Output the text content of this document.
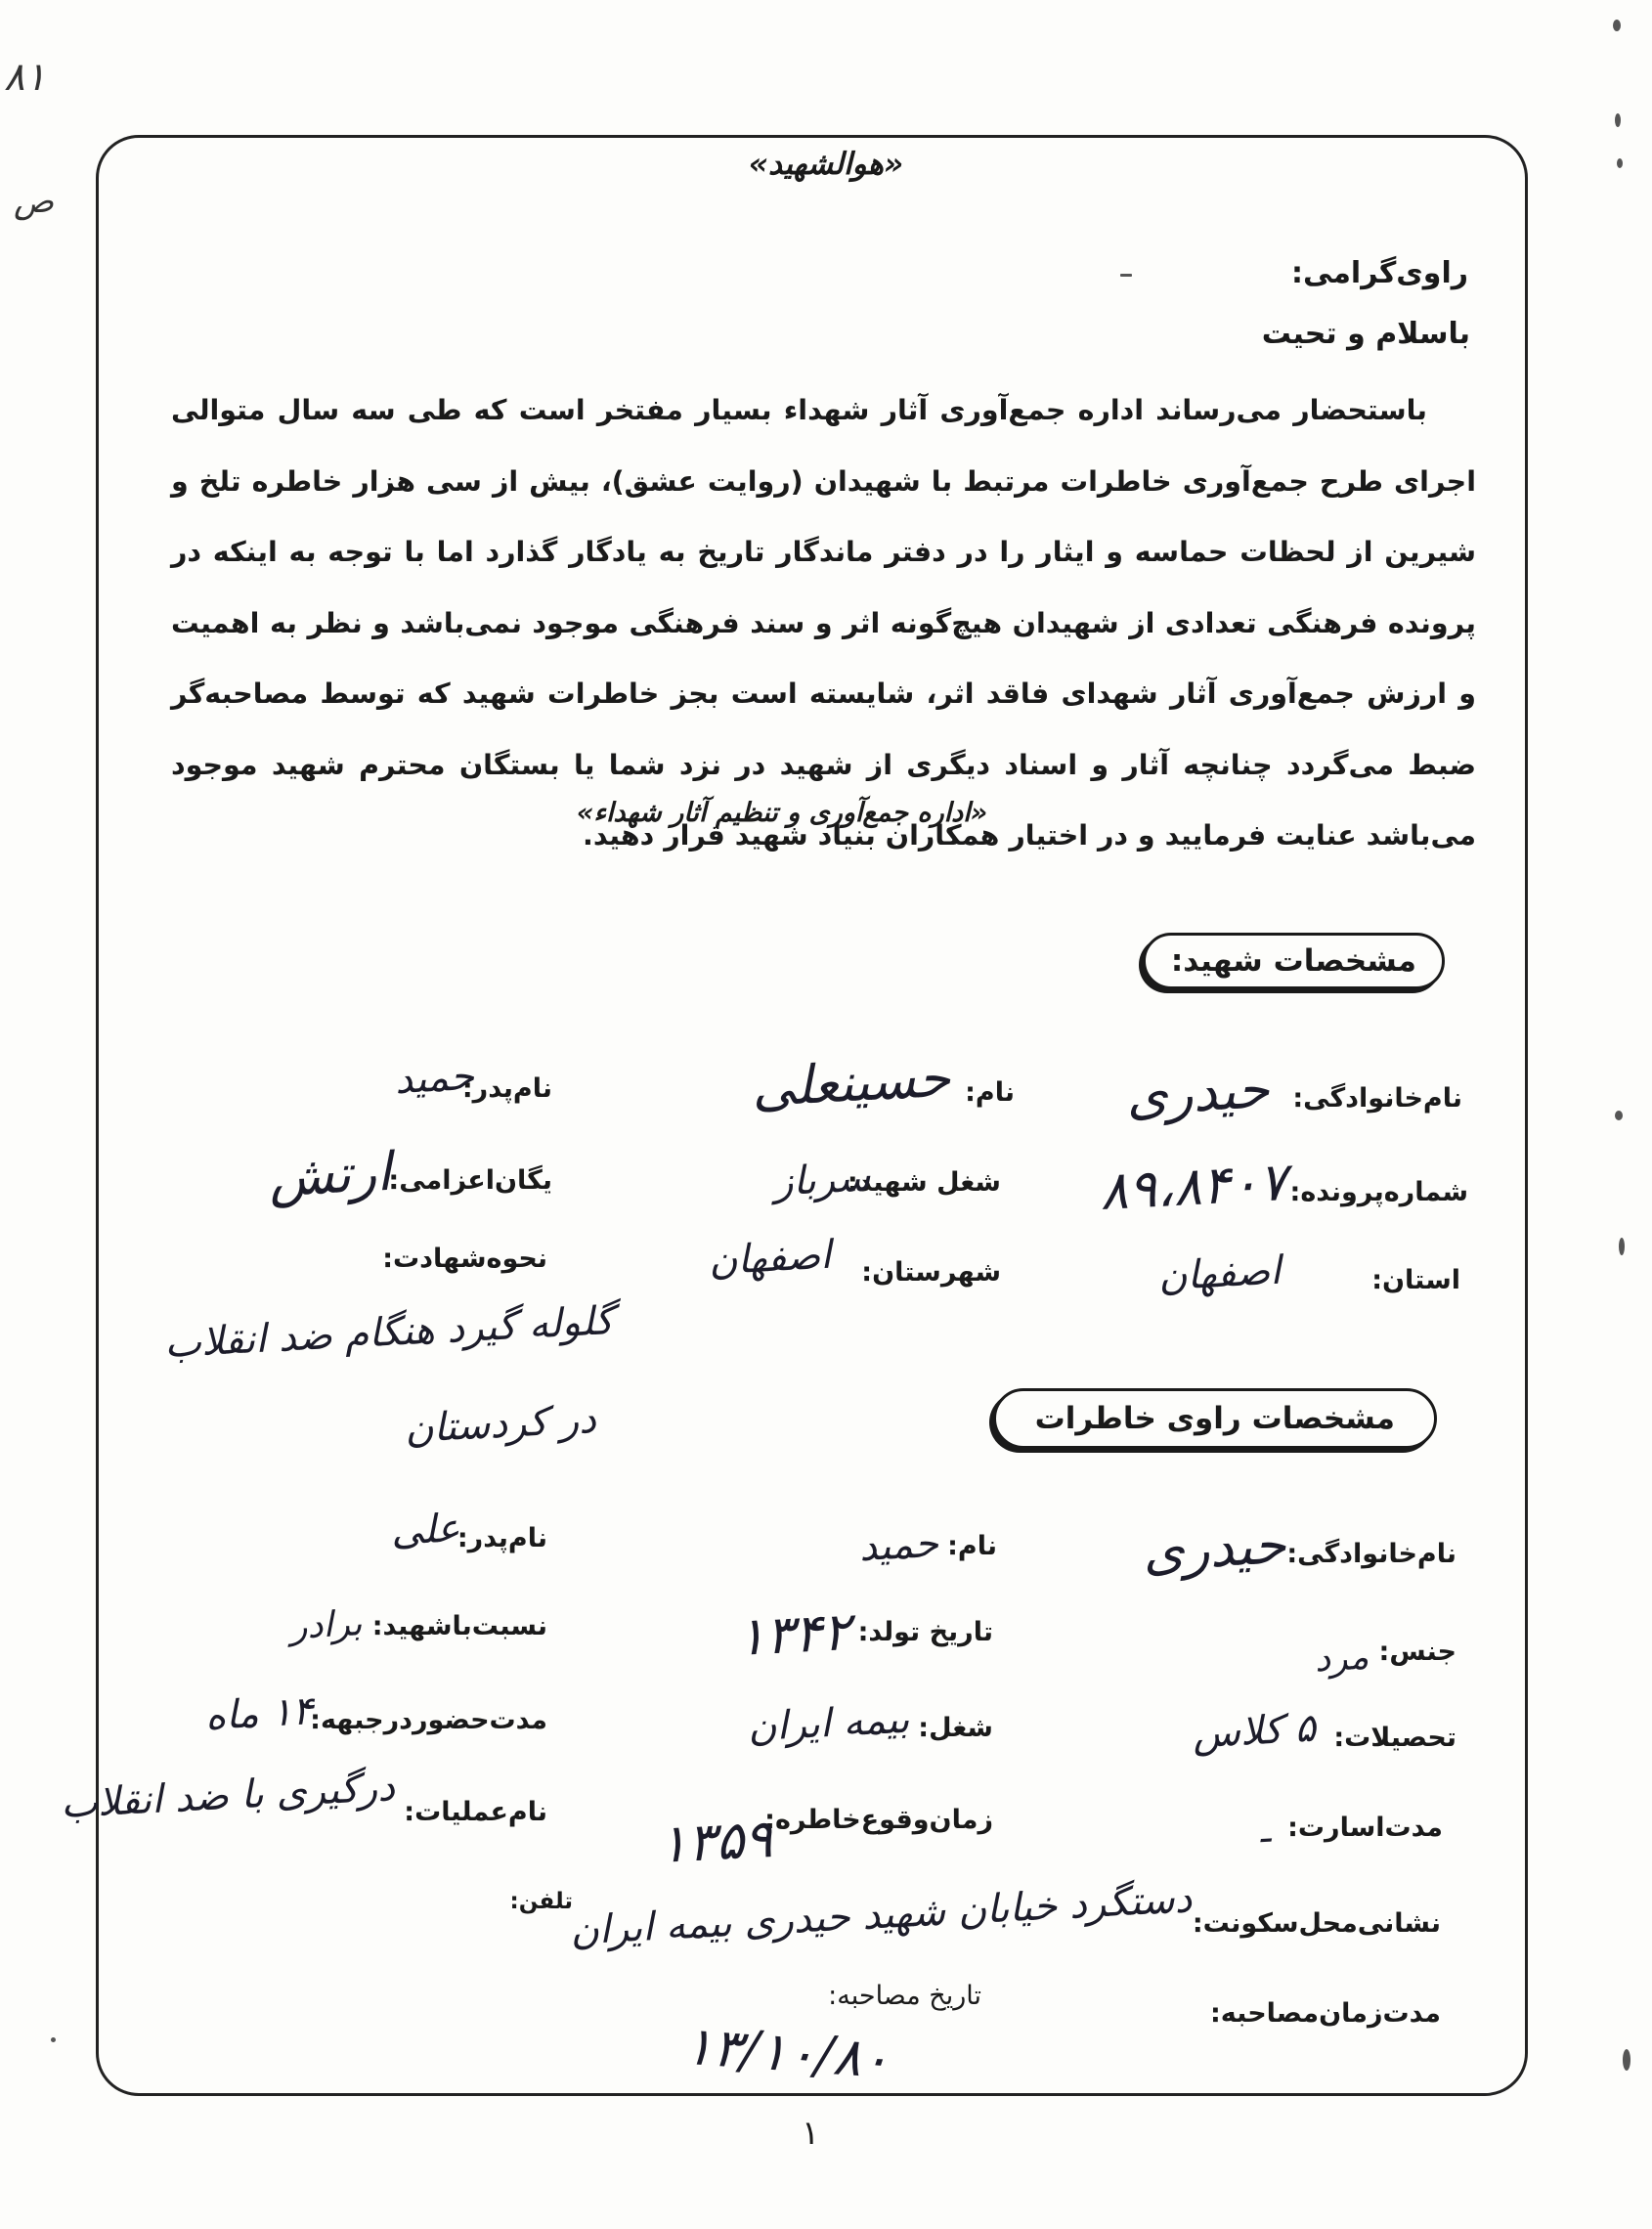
۸۱
ص
«هوالشهید»
راوی‌گرامی:
باسلام و تحیت

باستحضار می‌رساند اداره جمع‌آوری آثار شهداء بسیار مفتخر است که طی سه سال متوالی اجرای طرح جمع‌آوری خاطرات مرتبط با شهیدان (روایت عشق)، بیش از سی هزار خاطره تلخ و شیرین از لحظات حماسه و ایثار را در دفتر ماندگار تاریخ به یادگار گذارد اما با توجه به اینکه در پرونده فرهنگی تعدادی از شهیدان هیچ‌گونه اثر و سند فرهنگی موجود نمی‌باشد و نظر به اهمیت و ارزش جمع‌آوری آثار شهدای فاقد اثر، شایسته است بجز خاطرات شهید که توسط مصاحبه‌گر ضبط می‌گردد چنانچه آثار و اسناد دیگری از شهید در نزد شما یا بستگان محترم شهید موجود می‌باشد عنایت فرمایید و در اختیار همکاران بنیاد شهید قرار دهید.

«اداره جمع‌آوری و تنظیم آثار شهداء»
مشخصات شهید:
نام‌خانوادگی:
حیدری
نام:
حسینعلی
نام‌پدر:
حمید
شماره‌پرونده:
۸۹،۸۴۰۷
شغل شهید:
سرباز
یگان‌اعزامی:
ارتش
استان:
اصفهان
شهرستان:
اصفهان
نحوه‌شهادت:
گلوله‌ گیرد هنگام ضد انقلاب
در کردستان	مشخصات راوی خاطرات
نام‌خانوادگی:
حیدری
نام:
حمید
نام‌پدر:
علی
جنس:
مرد
تاریخ تولد:
۱۳۴۲
نسبت‌باشهید:
برادر
تحصیلات:
۵ کلاس
شغل:
بیمه ایران
مدت‌حضوردرجبهه:
۱۴ ماه
مدت‌اسارت:
ـ
زمان‌وقوع‌خاطره:
۱۳۵۹
نام‌عملیات:
درگیری با ضد انقلاب
نشانی‌محل‌سکونت:
دستگرد خیابان شهید حیدری بیمه ایران
تلفن:
مدت‌زمان‌مصاحبه:
تاریخ مصاحبه:
۱۳/۱۰/۸۰
۱
